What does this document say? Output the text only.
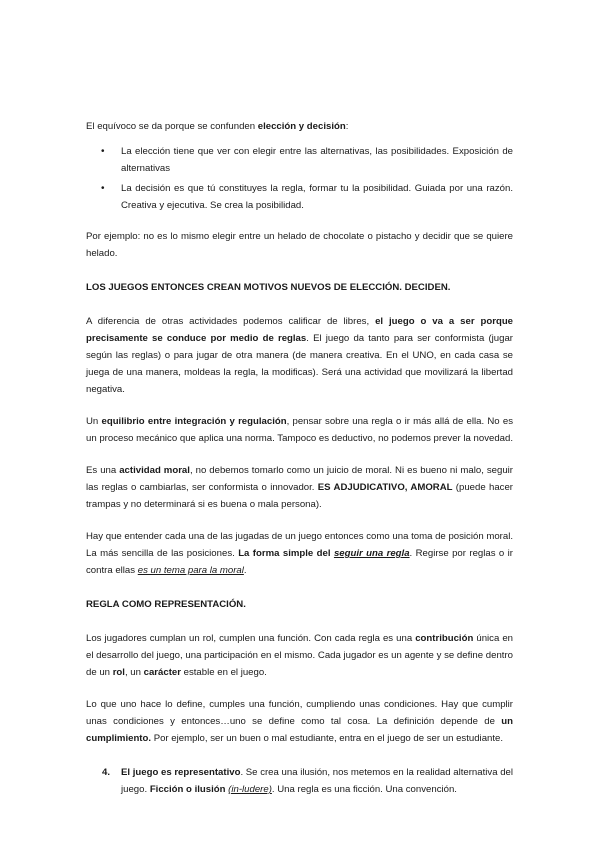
El equívoco se da porque se confunden elección y decisión:

• La elección tiene que ver con elegir entre las alternativas, las posibilidades. Exposición de alternativas

• La decisión es que tú constituyes la regla, formar tu la posibilidad. Guiada por una razón. Creativa y ejecutiva. Se crea la posibilidad.

Por ejemplo: no es lo mismo elegir entre un helado de chocolate o pistacho y decidir que se quiere helado.

LOS JUEGOS ENTONCES CREAN MOTIVOS NUEVOS DE ELECCIÓN. DECIDEN.

A diferencia de otras actividades podemos calificar de libres, el juego o va a ser porque precisamente se conduce por medio de reglas. El juego da tanto para ser conformista (jugar según las reglas) o para jugar de otra manera (de manera creativa. En el UNO, en cada casa se juega de una manera, moldeas la regla, la modificas). Será una actividad que movilizará la libertad negativa.

Un equilibrio entre integración y regulación, pensar sobre una regla o ir más allá de ella. No es un proceso mecánico que aplica una norma. Tampoco es deductivo, no podemos prever la novedad.

Es una actividad moral, no debemos tomarlo como un juicio de moral. Ni es bueno ni malo, seguir las reglas o cambiarlas, ser conformista o innovador. ES ADJUDICATIVO, AMORAL (puede hacer trampas y no determinará si es buena o mala persona).

Hay que entender cada una de las jugadas de un juego entonces como una toma de posición moral. La más sencilla de las posiciones. La forma simple del seguir una regla. Regirse por reglas o ir contra ellas es un tema para la moral.

REGLA COMO REPRESENTACIÓN.

Los jugadores cumplan un rol, cumplen una función. Con cada regla es una contribución única en el desarrollo del juego, una participación en el mismo. Cada jugador es un agente y se define dentro de un rol, un carácter estable en el juego.

Lo que uno hace lo define, cumples una función, cumpliendo unas condiciones. Hay que cumplir unas condiciones y entonces…uno se define como tal cosa. La definición depende de un cumplimiento. Por ejemplo, ser un buen o mal estudiante, entra en el juego de ser un estudiante.

4. El juego es representativo. Se crea una ilusión, nos metemos en la realidad alternativa del juego. Ficción o ilusión (in-ludere). Una regla es una ficción. Una convención.
